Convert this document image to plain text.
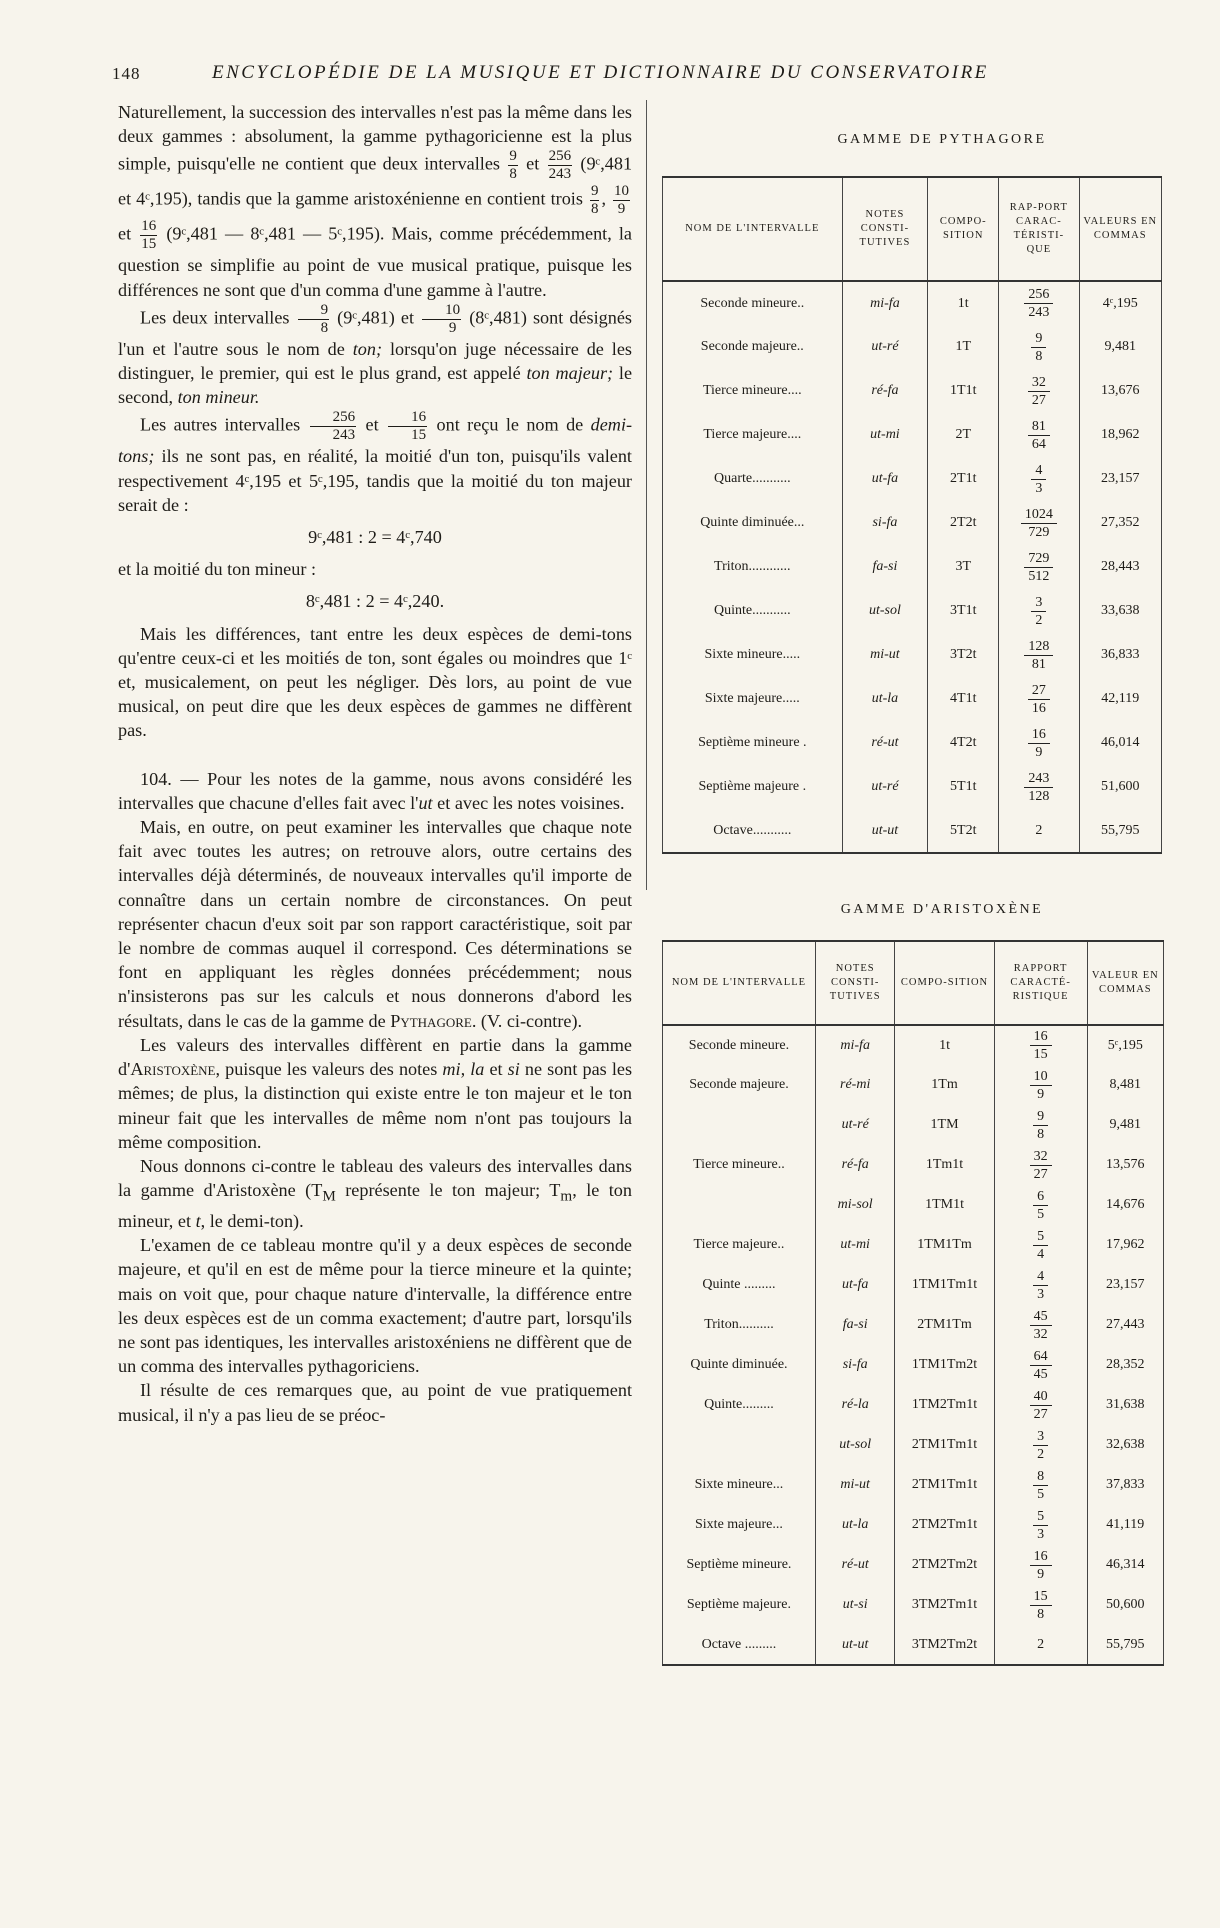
148	ENCYCLOPÉDIE DE LA MUSIQUE ET DICTIONNAIRE DU CONSERVATOIRE

Naturellement, la succession des intervalles n'est pas la même dans les deux gammes : absolument, la gamme pythagoricienne est la plus simple, puisqu'elle ne contient que deux intervalles $\frac{9}{8}$ et $\frac{256}{243}$ (9ᶜ,481 et 4ᶜ,195), tandis que la gamme aristoxénienne en contient trois $\frac{9}{8}$ , $\frac{10}{9}$
et $\frac{16}{15}$ (9ᶜ,481 — 8ᶜ,481 — 5ᶜ,195). Mais, comme précédemment, la question se simplifie au point de vue musical pratique, puisque les différences ne sont que d'un comma d'une gamme à l'autre.

Les deux intervalles $\frac{9}{8}$ (9ᶜ,481) et $\frac{10}{9}$ (8ᶜ,481) sont désignés l'un et l'autre sous le nom de ton; lorsqu'on juge nécessaire de les distinguer, le premier, qui est le plus grand, est appelé ton majeur; le second, ton mineur.

Les autres intervalles $\frac{256}{243}$ et $\frac{16}{15}$ ont reçu le nom de demi-tons; ils ne sont pas, en réalité, la moitié d'un ton, puisqu'ils valent respectivement 4ᶜ,195 et 5ᶜ,195, tandis que la moitié du ton majeur serait de :

9ᶜ,481 : 2 = 4ᶜ,740

et la moitié du ton mineur :

8ᶜ,481 : 2 = 4ᶜ,240.

Mais les différences, tant entre les deux espèces de demi-tons qu'entre ceux-ci et les moitiés de ton, sont égales ou moindres que 1ᶜ et, musicalement, on peut les négliger. Dès lors, au point de vue musical, on peut dire que les deux espèces de gammes ne diffèrent pas.

104. — Pour les notes de la gamme, nous avons considéré les intervalles que chacune d'elles fait avec l'ut et avec les notes voisines.

Mais, en outre, on peut examiner les intervalles que chaque note fait avec toutes les autres; on retrouve alors, outre certains des intervalles déjà déterminés, de nouveaux intervalles qu'il importe de connaître dans un certain nombre de circonstances. On peut représenter chacun d'eux soit par son rapport caractéristique, soit par le nombre de commas auquel il correspond. Ces déterminations se font en appliquant les règles données précédemment; nous n'insisterons pas sur les calculs et nous donnerons d'abord les résultats, dans le cas de la gamme de Pythagore. (V. ci-contre).

Les valeurs des intervalles diffèrent en partie dans la gamme d'Aristoxène, puisque les valeurs des notes mi, la et si ne sont pas les mêmes; de plus, la distinction qui existe entre le ton majeur et le ton mineur fait que les intervalles de même nom n'ont pas toujours la même composition.

Nous donnons ci-contre le tableau des valeurs des intervalles dans la gamme d'Aristoxène ($T_M$ représente le ton majeur; $T_m$, le ton mineur, et t, le demi-ton).

L'examen de ce tableau montre qu'il y a deux espèces de seconde majeure, et qu'il en est de même pour la tierce mineure et la quinte; mais on voit que, pour chaque nature d'intervalle, la différence entre les deux espèces est de un comma exactement; d'autre part, lorsqu'ils ne sont pas identiques, les intervalles aristoxéniens ne diffèrent que de un comma des intervalles pythagoriciens.

Il résulte de ces remarques que, au point de vue pratiquement musical, il n'y a pas lieu de se préoc-

GAMME DE PYTHAGORE
NOM DE L'INTERVALLE	NOTES CONSTI-TUTIVES	COMPO-SITION	RAP-PORT CARAC-TÉRISTI-QUE	VALEURS EN COMMAS
Seconde mineure..	mi-fa	1t	$\frac{256}{243}$	4ᶜ,195
Seconde majeure..	ut-ré	1T	$\frac{9}{8}$	9,481
Tierce mineure....	ré-fa	1T1t	$\frac{32}{27}$	13,676
Tierce majeure....	ut-mi	2T	$\frac{81}{64}$	18,962
Quarte...........	ut-fa	2T1t	$\frac{4}{3}$	23,157
Quinte diminuée...	si-fa	2T2t	$\frac{1024}{729}$	27,352
Triton............	fa-si	3T	$\frac{729}{512}$	28,443
Quinte...........	ut-sol	3T1t	$\frac{3}{2}$	33,638
Sixte mineure.....	mi-ut	3T2t	$\frac{128}{81}$	36,833
Sixte majeure.....	ut-la	4T1t	$\frac{27}{16}$	42,119
Septième mineure .	ré-ut	4T2t	$\frac{16}{9}$	46,014
Septième majeure .	ut-ré	5T1t	$\frac{243}{128}$	51,600
Octave...........	ut-ut	5T2t	2	55,795
GAMME D'ARISTOXÈNE
NOM DE L'INTERVALLE	NOTES CONSTI-TUTIVES	COMPO-SITION	RAPPORT CARACTÉ-RISTIQUE	VALEUR EN COMMAS
Seconde mineure.	mi-fa	1t	$\frac{16}{15}$	5ᶜ,195
Seconde majeure.	ré-mi	1Tm	$\frac{10}{9}$	8,481
	ut-ré	1TM	$\frac{9}{8}$	9,481
Tierce mineure..	ré-fa	1Tm1t	$\frac{32}{27}$	13,576
	mi-sol	1TM1t	$\frac{6}{5}$	14,676
Tierce majeure..	ut-mi	1TM1Tm	$\frac{5}{4}$	17,962
Quinte .........	ut-fa	1TM1Tm1t	$\frac{4}{3}$	23,157
Triton..........	fa-si	2TM1Tm	$\frac{45}{32}$	27,443
Quinte diminuée.	si-fa	1TM1Tm2t	$\frac{64}{45}$	28,352
Quinte.........	ré-la	1TM2Tm1t	$\frac{40}{27}$	31,638
	ut-sol	2TM1Tm1t	$\frac{3}{2}$	32,638
Sixte mineure...	mi-ut	2TM1Tm1t	$\frac{8}{5}$	37,833
Sixte majeure...	ut-la	2TM2Tm1t	$\frac{5}{3}$	41,119
Septième mineure.	ré-ut	2TM2Tm2t	$\frac{16}{9}$	46,314
Septième majeure.	ut-si	3TM2Tm1t	$\frac{15}{8}$	50,600
Octave .........	ut-ut	3TM2Tm2t	2	55,795
